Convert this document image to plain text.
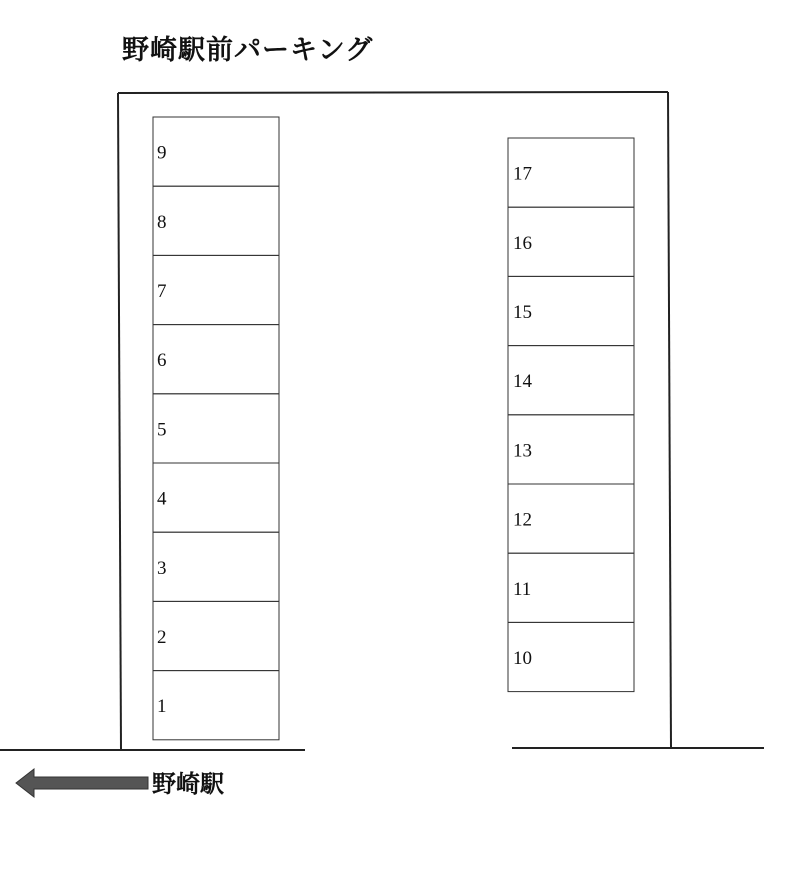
野崎駅前パーキング
9
8
7
6
5
4
3
2
1
17
16
15
14
13
12
11
10
野崎駅
